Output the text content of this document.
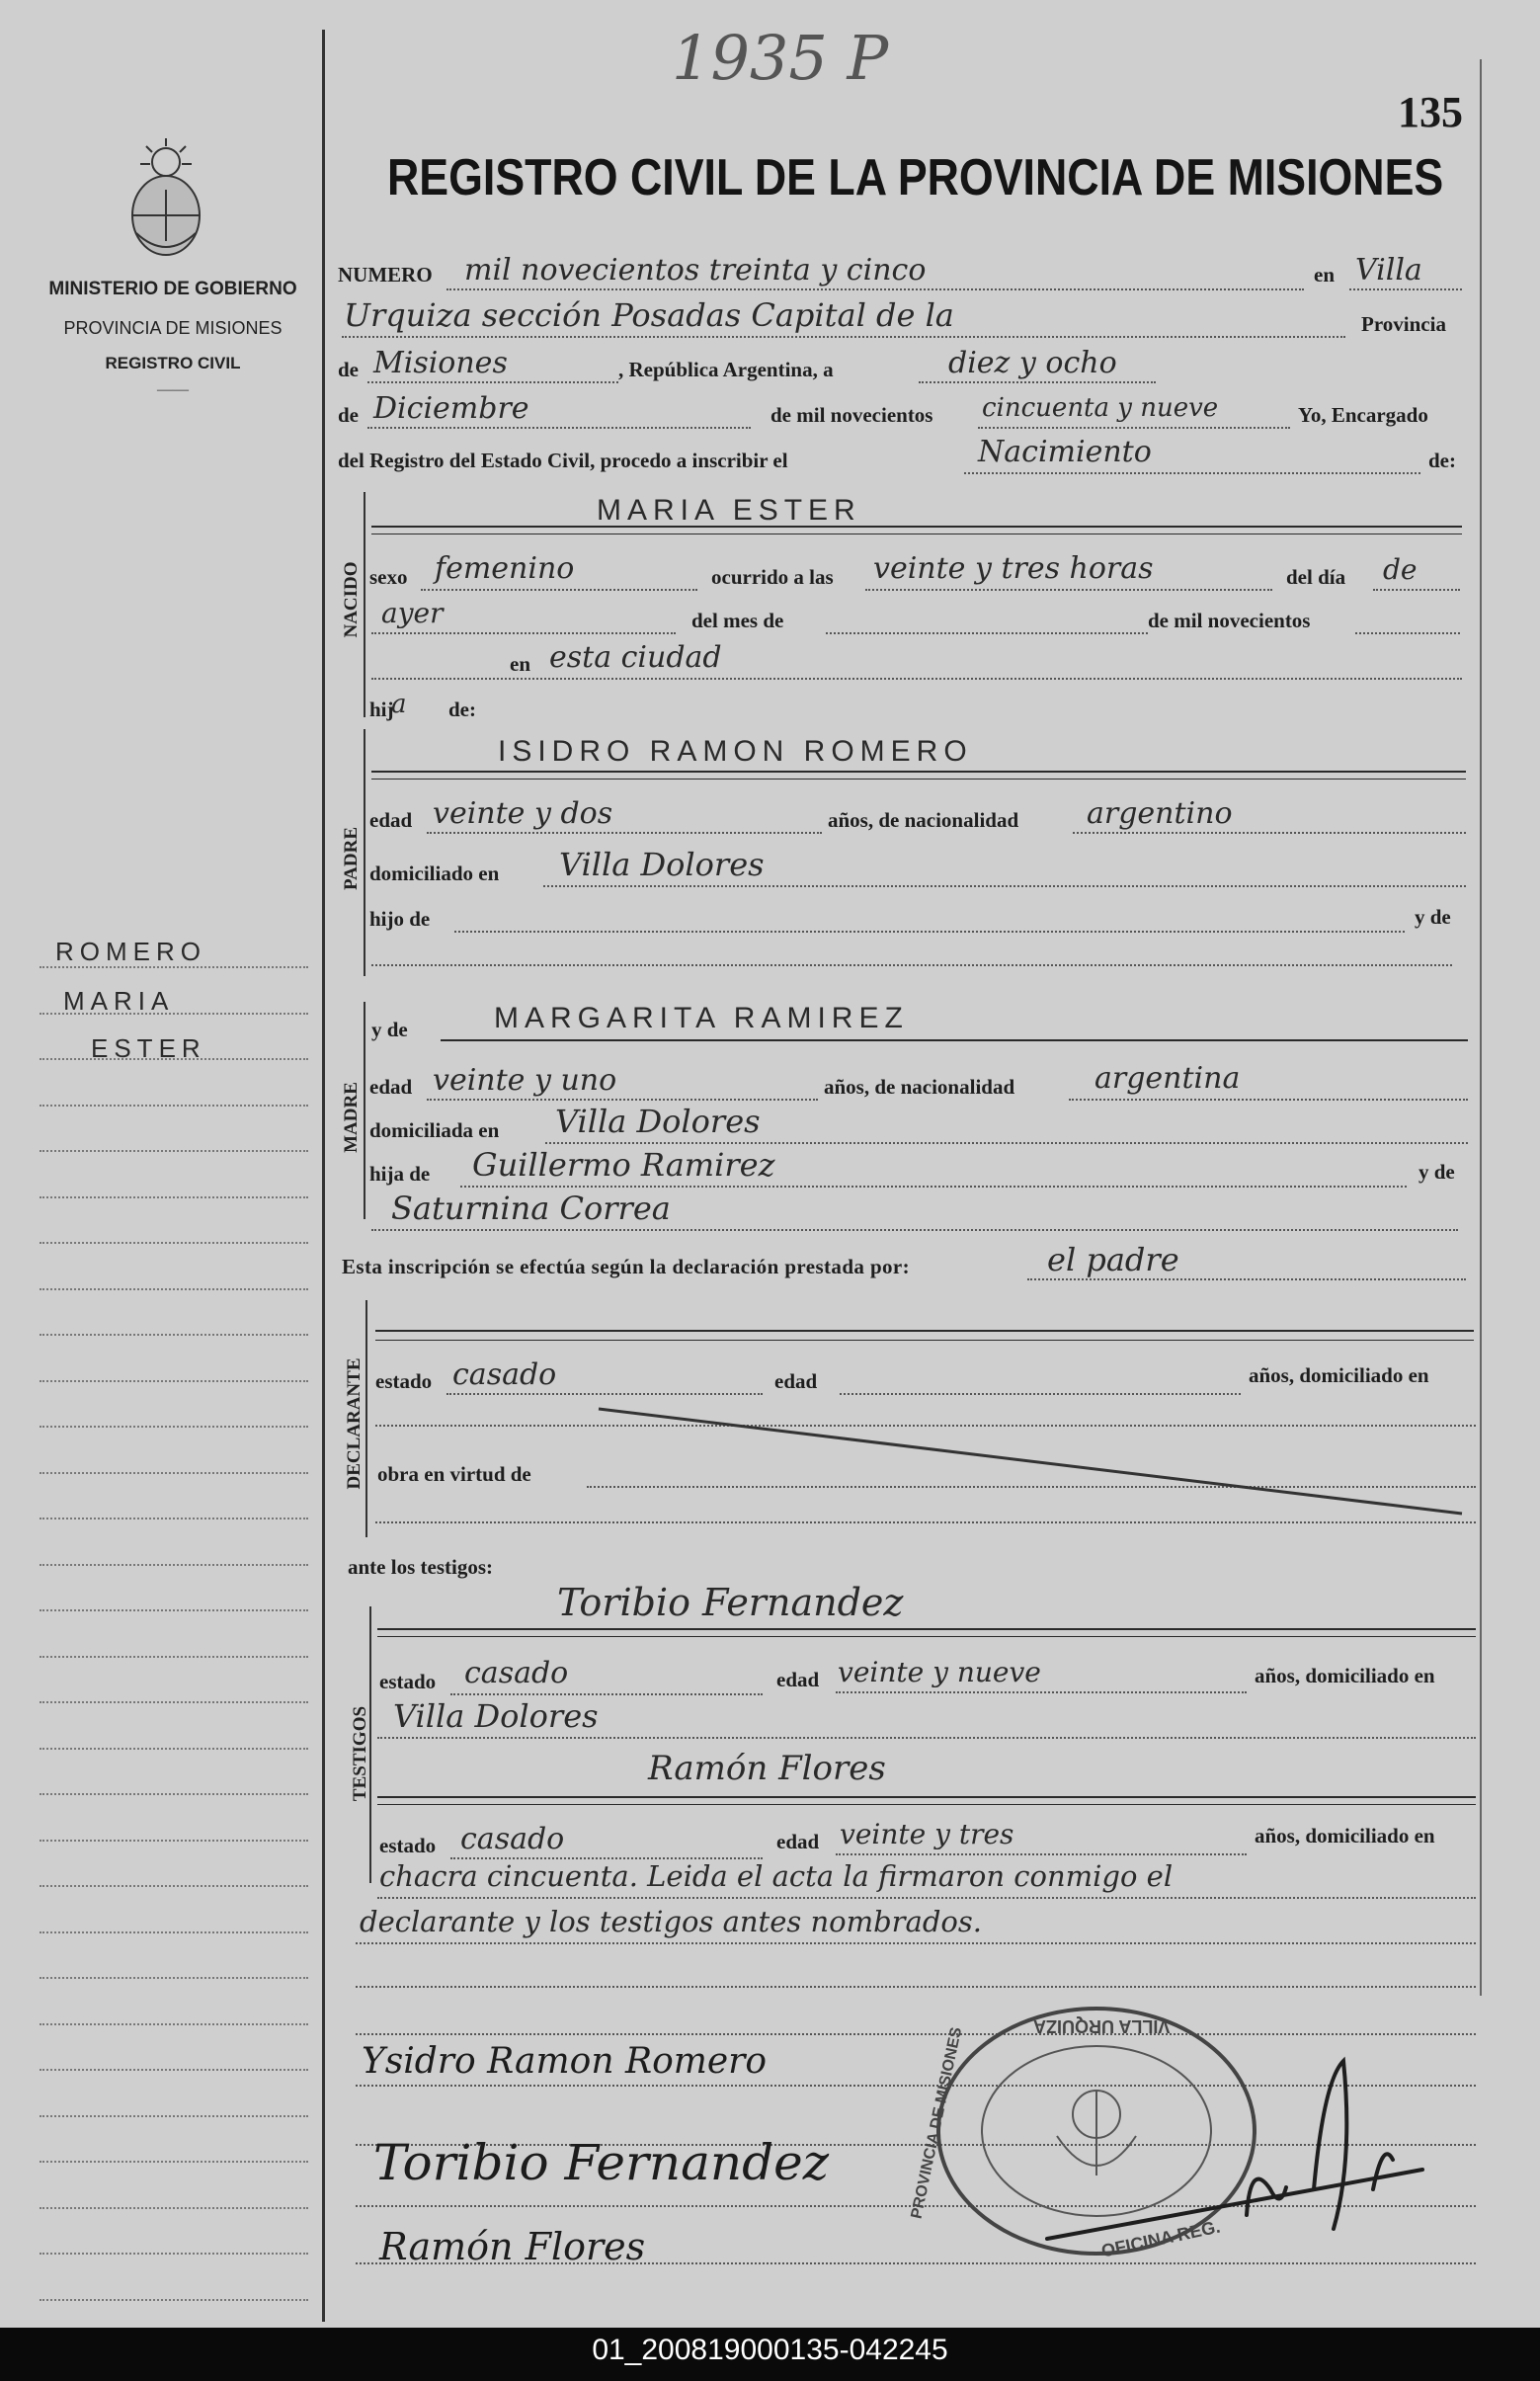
1935 P
135
REGISTRO CIVIL DE LA PROVINCIA DE MISIONES
MINISTERIO DE GOBIERNO
PROVINCIA DE MISIONES
REGISTRO CIVIL
——
ROMERO
MARIA
ESTER
NUMERO mil novecientos treinta y cinco	en Villa
Urquiza sección Posadas Capital de la	Provincia
de Misiones	, República Argentina, a	diez y ocho
de Diciembre	de mil novecientos cincuenta y nueve	Yo, Encargado
del Registro del Estado Civil, procedo a inscribir el	Nacimiento	de:
NACIDO
MARIA ESTER
sexo femenino	ocurrido a las veinte y tres horas	del día de
ayer	del mes de	de mil novecientos
en esta ciudad
hij
a de:
PADRE
ISIDRO RAMON ROMERO
edad veinte y dos	años, de nacionalidad argentino
domiciliado en Villa Dolores
hijo de	y de
MADRE
y de	MARGARITA RAMIREZ
edad veinte y uno	años, de nacionalidad	argentina
domiciliada en Villa Dolores
hija de Guillermo Ramirez	y de
Saturnina Correa
Esta inscripción se efectúa según la declaración prestada por:	el padre
DECLARANTE estado casado	edad	años, domiciliado en
obra en virtud de
ante los testigos:
TESTIGOS
Toribio Fernandez
estado casado	edad veinte y nueve	años, domiciliado en
Villa Dolores
Ramón Flores
estado casado	edad veinte y tres	años, domiciliado en
chacra cincuenta. Leida el acta la firmaron conmigo el
declarante y los testigos antes nombrados.
Ysidro Ramon Romero
Toribio Fernandez
Ramón Flores
VILLA URQUIZA
PROVINCIA DE MISIONES
OFICINA REG.
01_200819000135-042245
